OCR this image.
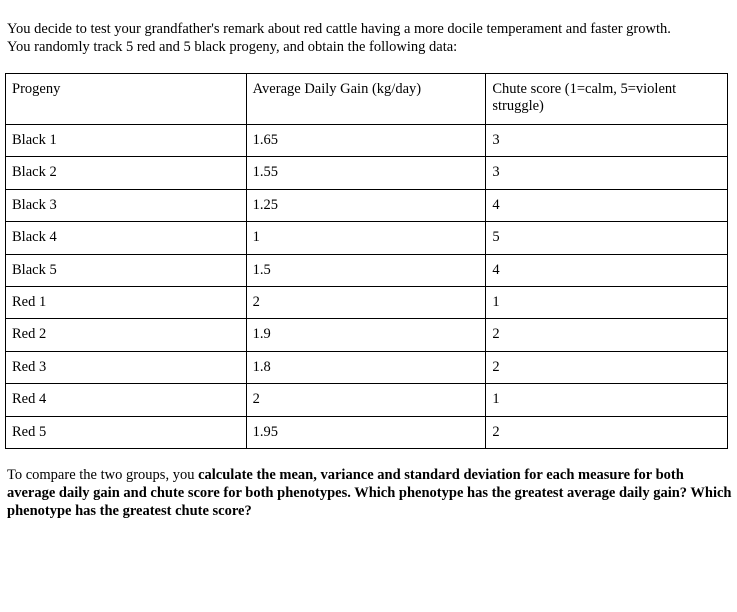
You decide to test your grandfather's remark about red cattle having a more docile temperament and faster growth.

You randomly track 5 red and 5 black progeny, and obtain the following data:

Progeny	Average Daily Gain (kg/day)	Chute score (1=calm, 5=violent struggle)
Black 1	1.65	3
Black 2	1.55	3
Black 3	1.25	4
Black 4	1	5
Black 5	1.5	4
Red 1	2	1
Red 2	1.9	2
Red 3	1.8	2
Red 4	2	1
Red 5	1.95	2

To compare the two groups, you calculate the mean, variance and standard deviation for each measure for both average daily gain and chute score for both phenotypes. Which phenotype has the greatest average daily gain? Which phenotype has the greatest chute score?
